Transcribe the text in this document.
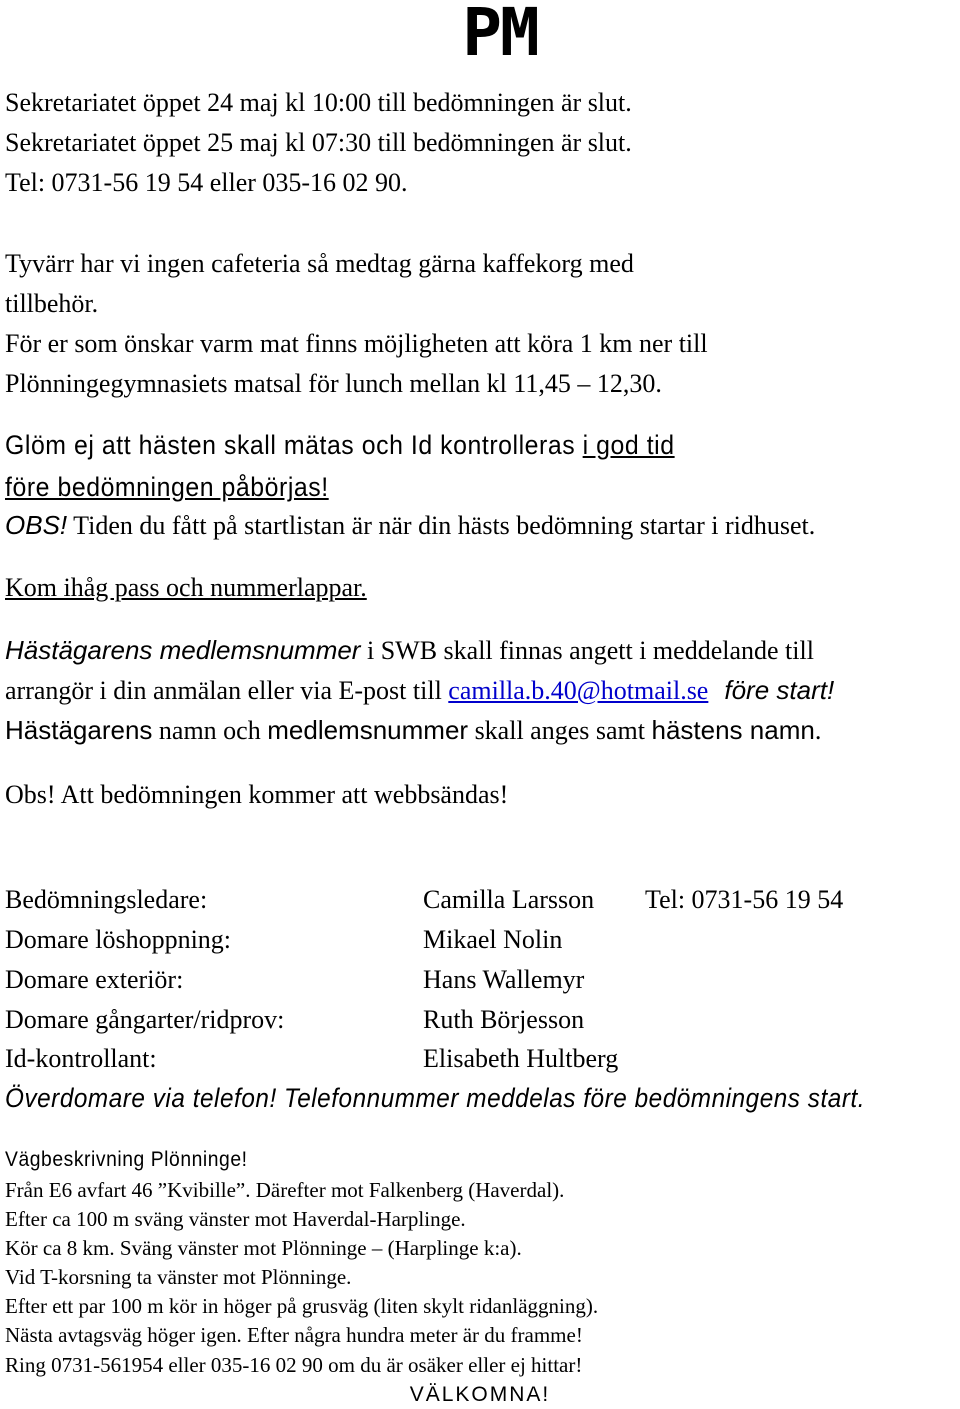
PM
Sekretariatet öppet 24 maj kl 10:00 till bedömningen är slut.
Sekretariatet öppet 25 maj kl 07:30 till bedömningen är slut.
Tel: 0731-56 19 54 eller 035-16 02 90.
Tyvärr har vi ingen cafeteria så medtag gärna kaffekorg med
tillbehör.
För er som önskar varm mat finns möjligheten att köra 1 km ner till
Plönningegymnasiets matsal för lunch mellan kl 11,45 – 12,30.
Glöm ej att hästen skall mätas och Id kontrolleras i god tid
före bedömningen påbörjas!
OBS! Tiden du fått på startlistan är när din hästs bedömning startar i ridhuset.
Kom ihåg pass och nummerlappar.
Hästägarens medlemsnummer i SWB skall finnas angett i meddelande till
arrangör i din anmälan eller via E-post till camilla.b.40@hotmail.se före start!
Hästägarens namn och medlemsnummer skall anges samt hästens namn.
Obs! Att bedömningen kommer att webbsändas!
Bedömningsledare:	Camilla Larsson Tel: 0731-56 19 54
Domare löshoppning:	Mikael Nolin
Domare exteriör:	Hans Wallemyr
Domare gångarter/ridprov:	Ruth Börjesson
Id-kontrollant:	Elisabeth Hultberg
Överdomare via telefon! Telefonnummer meddelas före bedömningens start.
Vägbeskrivning Plönninge!
Från E6 avfart 46 ”Kvibille”. Därefter mot Falkenberg (Haverdal).
Efter ca 100 m sväng vänster mot Haverdal-Harplinge.
Kör ca 8 km. Sväng vänster mot Plönninge – (Harplinge k:a).
Vid T-korsning ta vänster mot Plönninge.
Efter ett par 100 m kör in höger på grusväg (liten skylt ridanläggning).
Nästa avtagsväg höger igen. Efter några hundra meter är du framme!
Ring 0731-561954 eller 035-16 02 90 om du är osäker eller ej hittar!
VÄLKOMNA!
